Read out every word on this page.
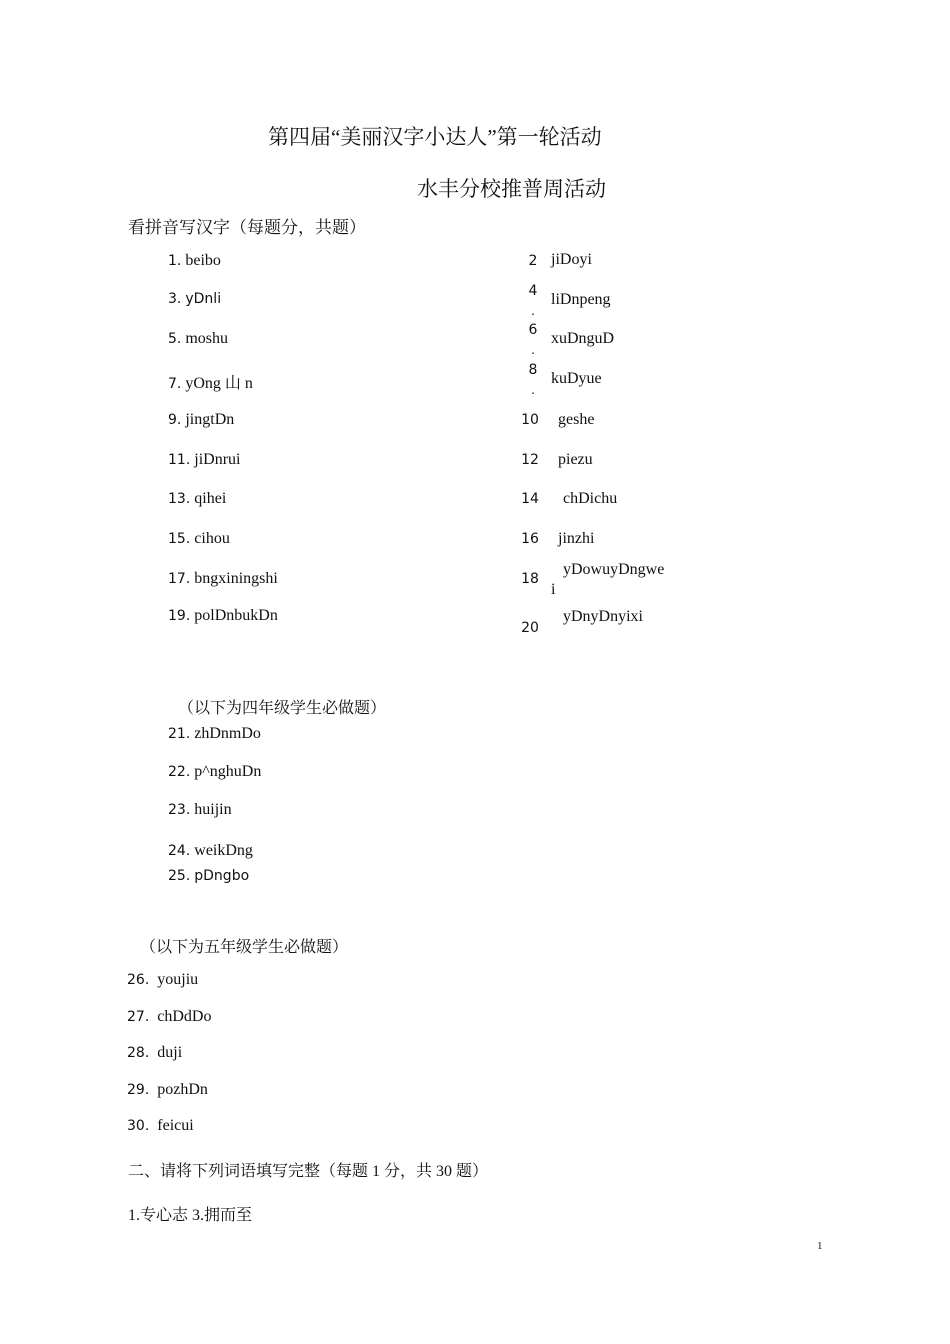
第四届“美丽汉字小达人”第一轮活动
水丰分校推普周活动
看拼音写汉字（每题分，共题）
1. beibo
3. yDnli
5. moshu
7. yOng 山 n
9. jingtDn
11. jiDnrui
13. qihei
15. cihou
17. bngxiningshi
19. polDnbukDn
2
4
.
6
.
8
.
10
12
14
16
18
20
jiDoyi
liDnpeng
xuDnguD
kuDyue
geshe
piezu
chDichu
jinzhi
yDowuyDngwe
i
yDnyDnyixi
（以下为四年级学生必做题）
21. zhDnmDo
22. p^nghuDn
23. huijin
24. weikDng
25. pDngbo
（以下为五年级学生必做题）
26. youjiu
27. chDdDo
28. duji
29. pozhDn
30. feicui
二、请将下列词语填写完整（每题 1 分，共 30 题）
1.专心志 3.拥而至
1
